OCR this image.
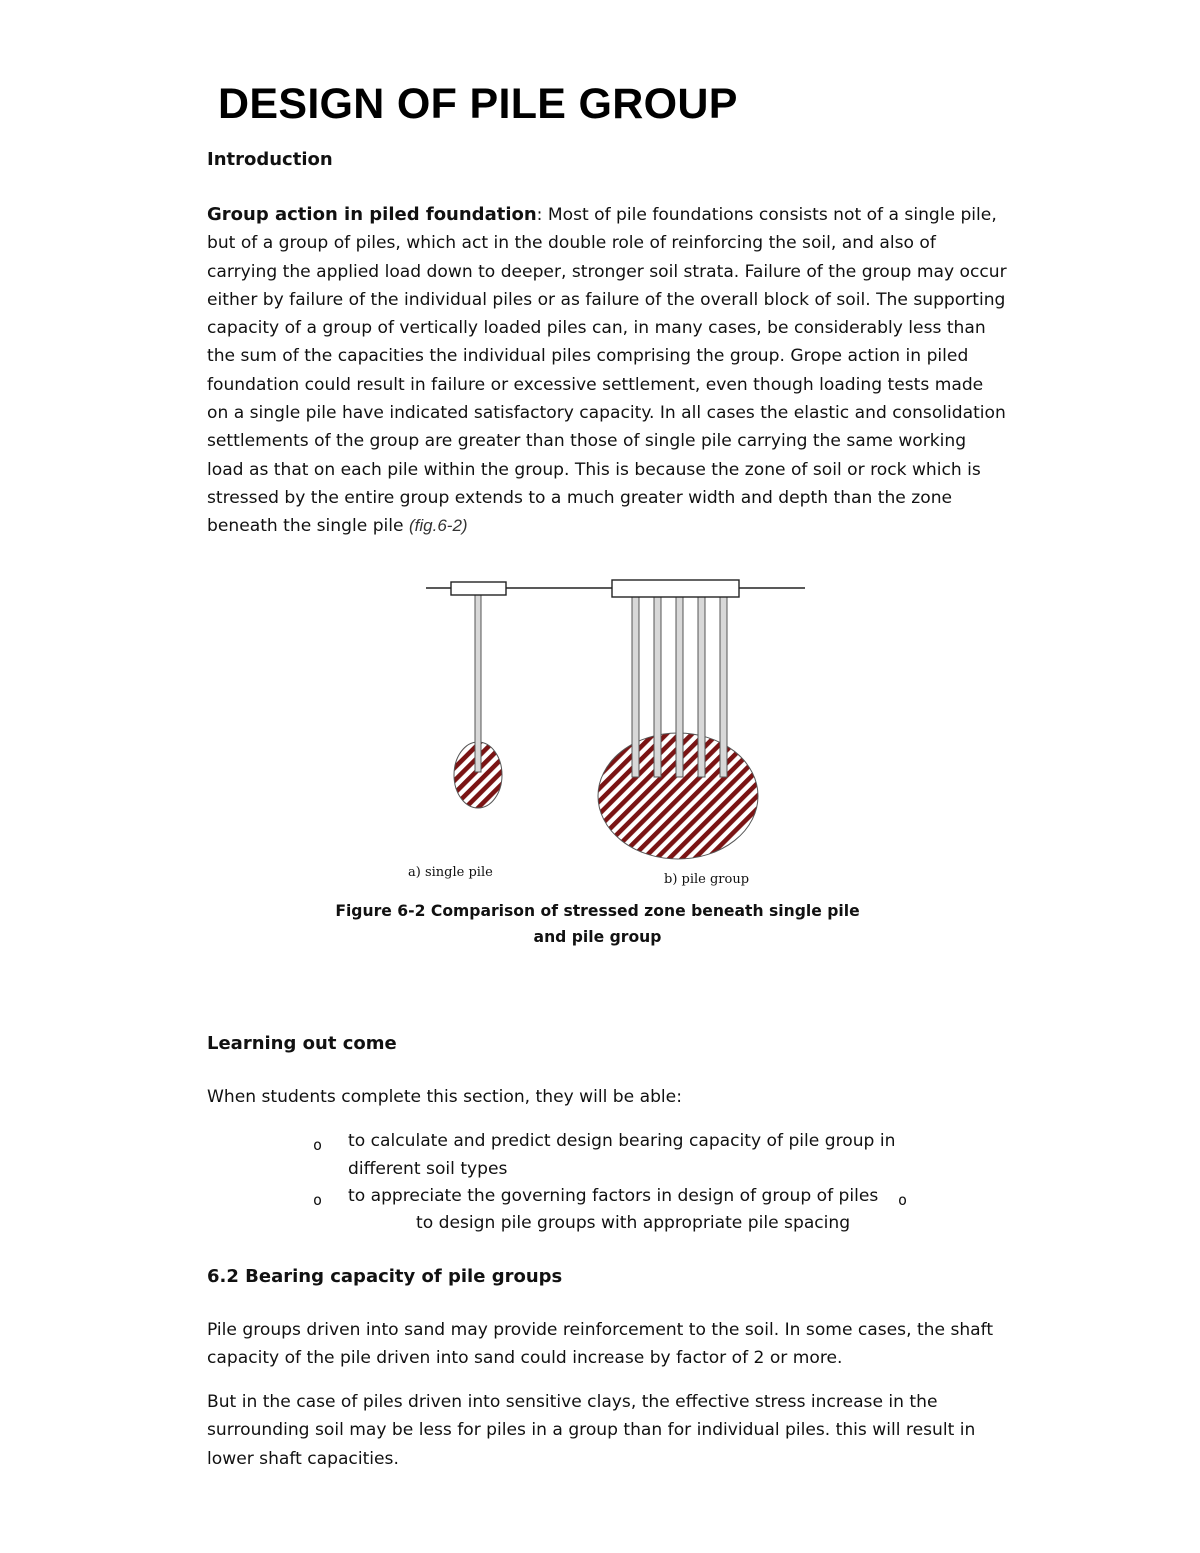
DESIGN OF PILE GROUP
Introduction

Group action in piled foundation: Most of pile foundations consists not of a single pile, but of a group of piles, which act in the double role of reinforcing the soil, and also of carrying the applied load down to deeper, stronger soil strata. Failure of the group may occur either by failure of the individual piles or as failure of the overall block of soil. The supporting capacity of a group of vertically loaded piles can, in many cases, be considerably less than the sum of the capacities the individual piles comprising the group. Grope action in piled foundation could result in failure or excessive settlement, even though loading tests made on a single pile have indicated satisfactory capacity. In all cases the elastic and consolidation settlements of the group are greater than those of single pile carrying the same working load as that on each pile within the group. This is because the zone of soil or rock which is stressed by the entire group extends to a much greater width and depth than the zone beneath the single pile (fig.6-2)

a) single pile	b) pile group

Figure 6-2 Comparison of stressed zone beneath single pile
and pile group

Learning out come

When students complete this section, they will be able:

o to calculate and predict design bearing capacity of pile group in
different soil types
o to appreciate the governing factors in design of group of piles o
to design pile groups with appropriate pile spacing
6.2 Bearing capacity of pile groups

Pile groups driven into sand may provide reinforcement to the soil. In some cases, the shaft capacity of the pile driven into sand could increase by factor of 2 or more.

But in the case of piles driven into sensitive clays, the effective stress increase in the surrounding soil may be less for piles in a group than for individual piles. this will result in lower shaft capacities.
